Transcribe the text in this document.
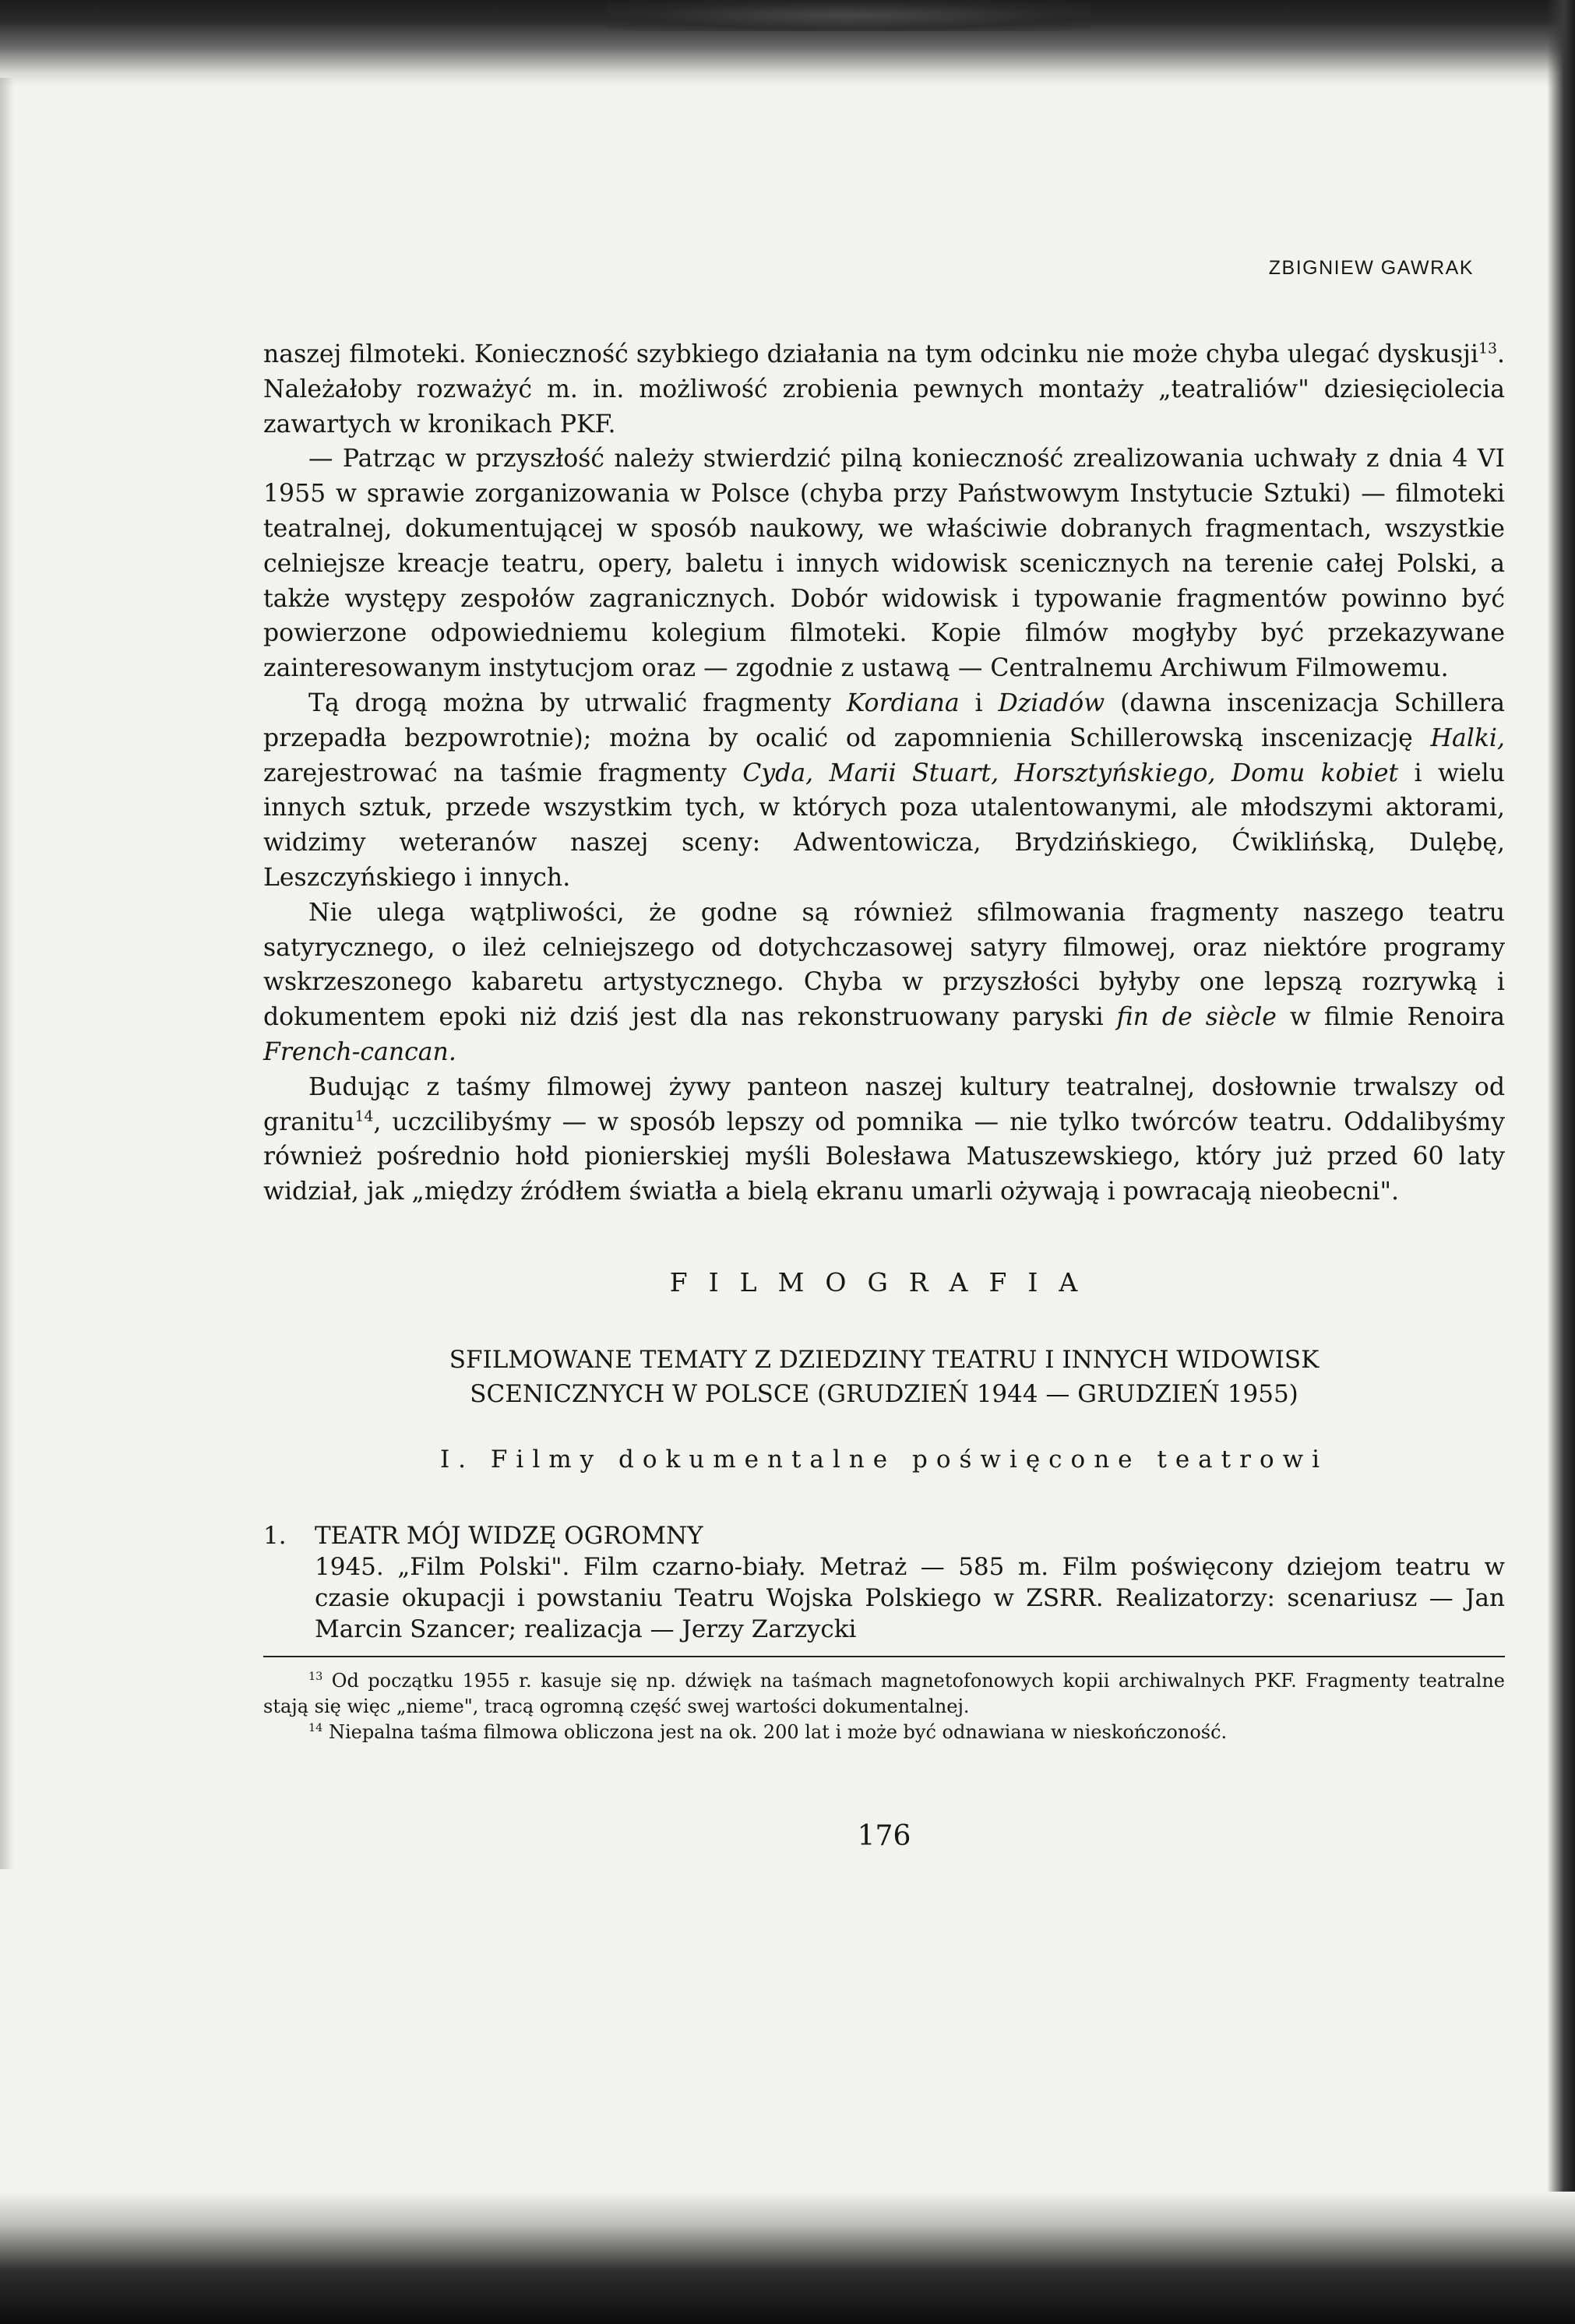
ZBIGNIEW GAWRAK

naszej filmoteki. Konieczność szybkiego działania na tym odcinku nie może chyba ulegać dyskusji$^{13}$. Należałoby rozważyć m. in. możliwość zrobienia pewnych montaży „teatraliów" dziesięciolecia zawartych w kronikach PKF.

— Patrząc w przyszłość należy stwierdzić pilną konieczność zrealizowania uchwały z dnia 4 VI 1955 w sprawie zorganizowania w Polsce (chyba przy Państwowym Instytucie Sztuki) — filmoteki teatralnej, dokumentującej w sposób naukowy, we właściwie dobranych fragmentach, wszystkie celniejsze kreacje teatru, opery, baletu i innych widowisk scenicznych na terenie całej Polski, a także występy zespołów zagranicznych. Dobór widowisk i typowanie fragmentów powinno być powierzone odpowiedniemu kolegium filmoteki. Kopie filmów mogłyby być przekazywane zainteresowanym instytucjom oraz — zgodnie z ustawą — Centralnemu Archiwum Filmowemu.

Tą drogą można by utrwalić fragmenty Kordiana i Dziadów (dawna inscenizacja Schillera przepadła bezpowrotnie); można by ocalić od zapomnienia Schillerowską inscenizację Halki, zarejestrować na taśmie fragmenty Cyda, Marii Stuart, Horsztyńskiego, Domu kobiet i wielu innych sztuk, przede wszystkim tych, w których poza utalentowanymi, ale młodszymi aktorami, widzimy weteranów naszej sceny: Adwentowicza, Brydzińskiego, Ćwiklińską, Dulębę, Leszczyńskiego i innych.

Nie ulega wątpliwości, że godne są również sfilmowania fragmenty naszego teatru satyrycznego, o ileż celniejszego od dotychczasowej satyry filmowej, oraz niektóre programy wskrzeszonego kabaretu artystycznego. Chyba w przyszłości byłyby one lepszą rozrywką i dokumentem epoki niż dziś jest dla nas rekonstruowany paryski fin de siècle w filmie Renoira French-cancan.

Budując z taśmy filmowej żywy panteon naszej kultury teatralnej, dosłownie trwalszy od granitu$^{14}$, uczcilibyśmy — w sposób lepszy od pomnika — nie tylko twórców teatru. Oddalibyśmy również pośrednio hołd pionierskiej myśli Bolesława Matuszewskiego, który już przed 60 laty widział, jak „między źródłem światła a bielą ekranu umarli ożywają i powracają nieobecni".

FILMOGRAFIA
SFILMOWANE TEMATY Z DZIEDZINY TEATRU I INNYCH WIDOWISK
SCENICZNYCH W POLSCE (GRUDZIEŃ 1944 — GRUDZIEŃ 1955)
I. Filmy dokumentalne poświęcone teatrowi
1.	TEATR MÓJ WIDZĘ OGROMNY
1945. „Film Polski". Film czarno-biały. Metraż — 585 m. Film poświęcony dziejom teatru w czasie okupacji i powstaniu Teatru Wojska Polskiego w ZSRR. Realizatorzy: scenariusz — Jan Marcin Szancer; realizacja — Jerzy Zarzycki

$^{13}$ Od początku 1955 r. kasuje się np. dźwięk na taśmach magnetofonowych kopii archiwalnych PKF. Fragmenty teatralne stają się więc „nieme", tracą ogromną część swej wartości dokumentalnej.

$^{14}$ Niepalna taśma filmowa obliczona jest na ok. 200 lat i może być odnawiana w nieskończoność.

176
